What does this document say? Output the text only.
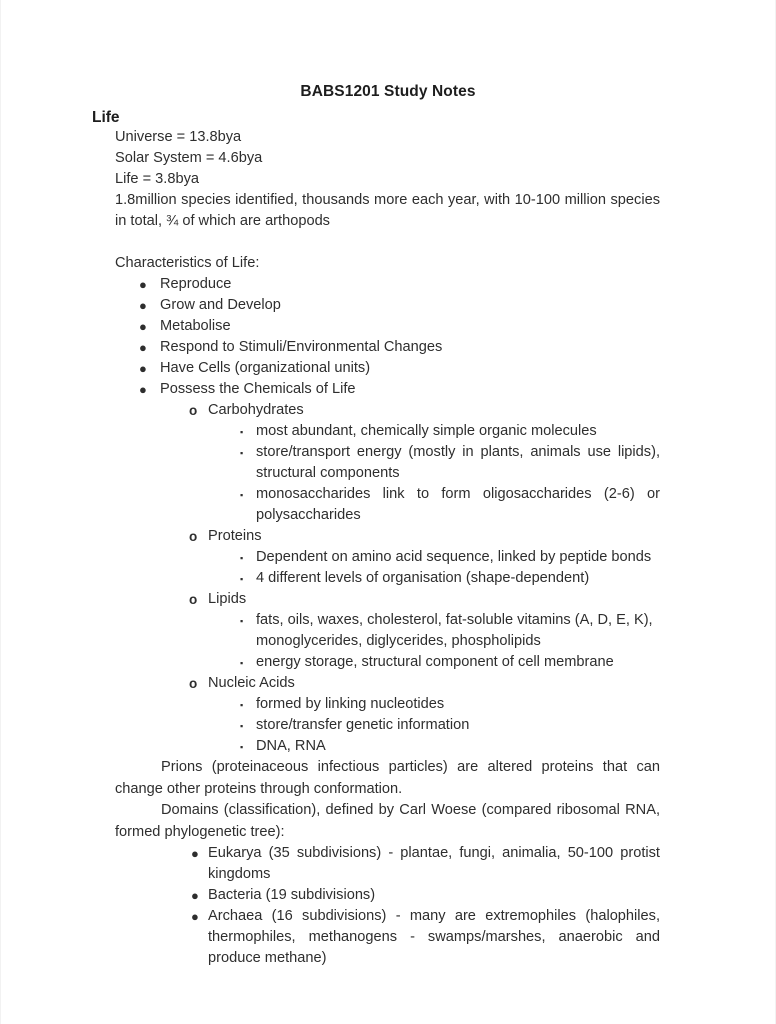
BABS1201 Study Notes
Life
Universe = 13.8bya
Solar System = 4.6bya
Life = 3.8bya
1.8million species identified, thousands more each year, with 10-100 million species in total, ¾ of which are arthopods
Characteristics of Life:
● Reproduce
● Grow and Develop
● Metabolise
● Respond to Stimuli/Environmental Changes
● Have Cells (organizational units)
● Possess the Chemicals of Life
o Carbohydrates
▪ most abundant, chemically simple organic molecules
▪ store/transport energy (mostly in plants, animals use lipids), structural components
▪ monosaccharides link to form oligosaccharides (2-6) or polysaccharides
o Proteins
▪ Dependent on amino acid sequence, linked by peptide bonds
▪ 4 different levels of organisation (shape-dependent)
o Lipids
▪ fats, oils, waxes, cholesterol, fat-soluble vitamins (A, D, E, K), monoglycerides, diglycerides, phospholipids
▪ energy storage, structural component of cell membrane
o Nucleic Acids
▪ formed by linking nucleotides
▪ store/transfer genetic information
▪ DNA, RNA
Prions (proteinaceous infectious particles) are altered proteins that can change other proteins through conformation.
Domains (classification), defined by Carl Woese (compared ribosomal RNA, formed phylogenetic tree):
● Eukarya (35 subdivisions) - plantae, fungi, animalia, 50-100 protist kingdoms
● Bacteria (19 subdivisions)
● Archaea (16 subdivisions) - many are extremophiles (halophiles, thermophiles, methanogens - swamps/marshes, anaerobic and produce methane)
